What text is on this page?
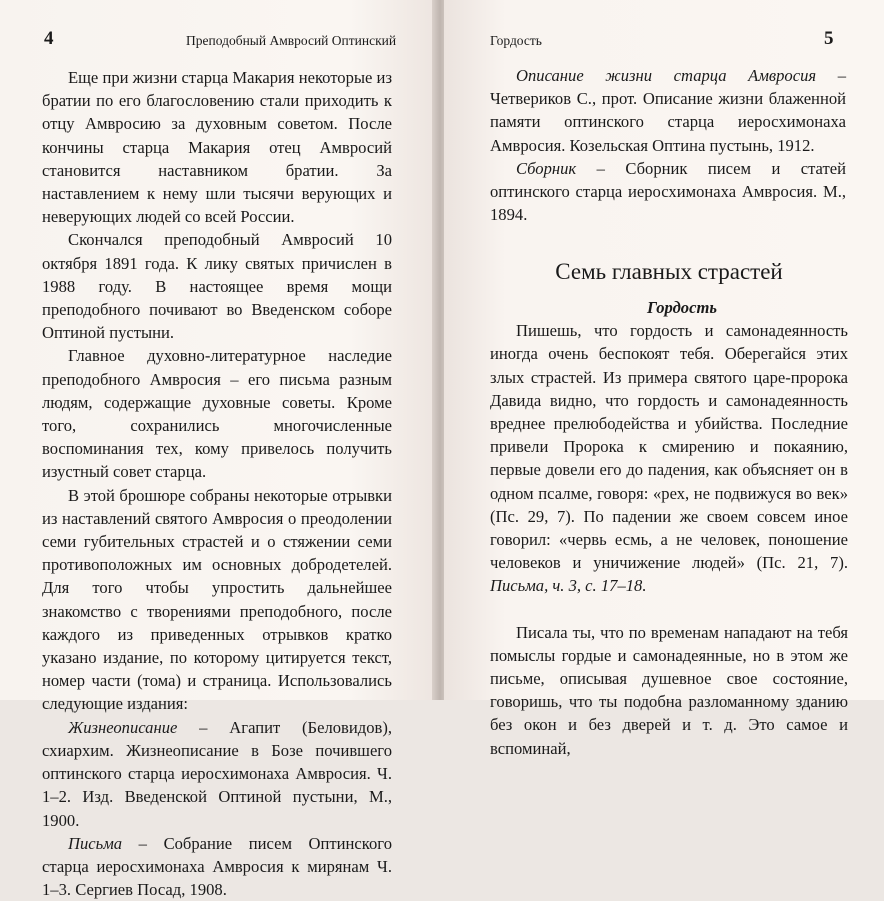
4	Преподобный Амвросий Оптинский

Еще при жизни старца Макария некоторые из братии по его благословению стали приходить к отцу Амвросию за духовным советом. После кончины старца Макария отец Амвросий становится наставником братии. За наставлением к нему шли тысячи верующих и неверующих людей со всей России.

Скончался преподобный Амвросий 10 октября 1891 года. К лику святых причислен в 1988 году. В настоящее время мощи преподобного почивают во Введенском соборе Оптиной пустыни.

Главное духовно-литературное наследие преподобного Амвросия – его письма разным людям, содержащие духовные советы. Кроме того, сохранились многочисленные воспоминания тех, кому привелось получить изустный совет старца.

В этой брошюре собраны некоторые отрывки из наставлений святого Амвросия о преодолении семи губительных страстей и о стяжении семи противоположных им основных добродетелей. Для того чтобы упростить дальнейшее знакомство с творениями преподобного, после каждого из приведенных отрывков кратко указано издание, по которому цитируется текст, номер части (тома) и страница. Использовались следующие издания:

Жизнеописание – Агапит (Беловидов), схиархим. Жизнеописание в Бозе почившего оптинского старца иеросхимонаха Амвросия. Ч. 1–2. Изд. Введенской Оптиной пустыни, М., 1900.

Письма – Собрание писем Оптинского старца иеросхимонаха Амвросия к мирянам Ч. 1–3. Сергиев Посад, 1908.

Гордость	5

Описание жизни старца Амвросия – Четвериков С., прот. Описание жизни блаженной памяти оптинского старца иеросхимонаха Амвросия. Козельская Оптина пустынь, 1912.

Сборник – Сборник писем и статей оптинского старца иеросхимонаха Амвросия. М., 1894.

Семь главных страстей

Гордость

Пишешь, что гордость и самонадеянность иногда очень беспокоят тебя. Оберегайся этих злых страстей. Из примера святого царе-пророка Давида видно, что гордость и самонадеянность вреднее прелюбодейства и убийства. Последние привели Пророка к смирению и покаянию, первые довели его до падения, как объясняет он в одном псалме, говоря: «рех, не подвижуся во век» (Пс. 29, 7). По падении же своем совсем иное говорил: «червь есмь, а не человек, поношение человеков и уничижение людей» (Пс. 21, 7). Письма, ч. 3, с. 17–18.

Писала ты, что по временам нападают на тебя помыслы гордые и самонадеянные, но в этом же письме, описывая душевное свое состояние, говоришь, что ты подобна разломанному зданию без окон и без дверей и т. д. Это самое и вспоминай,
